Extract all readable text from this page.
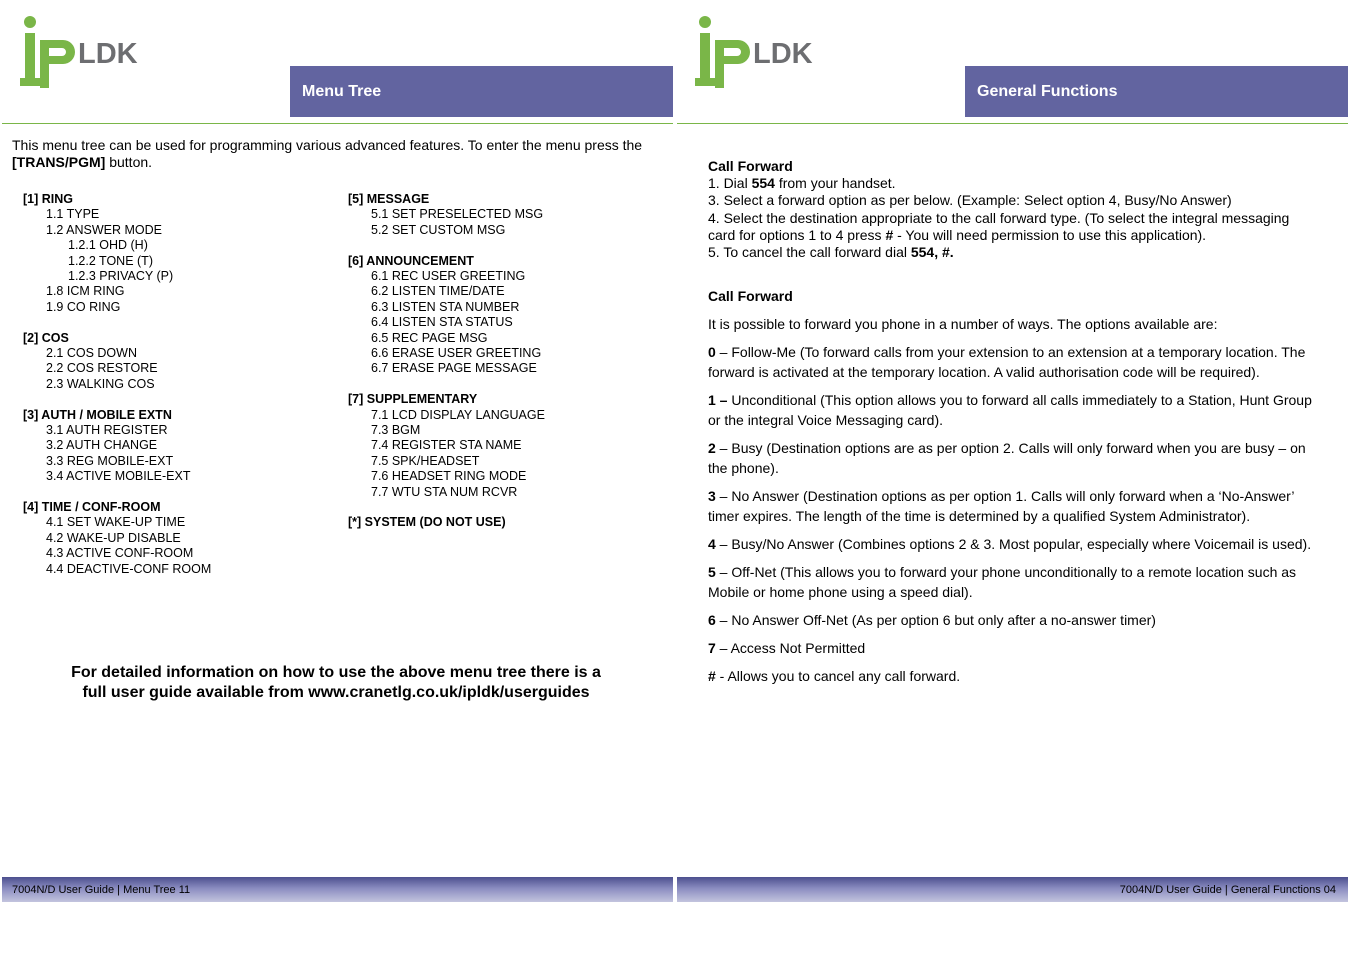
LDK
Menu Tree
This menu tree can be used for programming various advanced features. To enter the menu press the [TRANS/PGM] button.
[1] RING
1.1 TYPE
1.2 ANSWER MODE
1.2.1 OHD (H)
1.2.2 TONE (T)
1.2.3 PRIVACY (P)
1.8 ICM RING
1.9 CO RING
[2] COS
2.1 COS DOWN
2.2 COS RESTORE
2.3 WALKING COS
[3] AUTH / MOBILE EXTN
3.1 AUTH REGISTER
3.2 AUTH CHANGE
3.3 REG MOBILE-EXT
3.4 ACTIVE MOBILE-EXT
[4] TIME / CONF-ROOM
4.1 SET WAKE-UP TIME
4.2 WAKE-UP DISABLE
4.3 ACTIVE CONF-ROOM
4.4 DEACTIVE-CONF ROOM
[5] MESSAGE
5.1 SET PRESELECTED MSG
5.2 SET CUSTOM MSG
[6] ANNOUNCEMENT
6.1 REC USER GREETING
6.2 LISTEN TIME/DATE
6.3 LISTEN STA NUMBER
6.4 LISTEN STA STATUS
6.5 REC PAGE MSG
6.6 ERASE USER GREETING
6.7 ERASE PAGE MESSAGE
[7] SUPPLEMENTARY
7.1 LCD DISPLAY LANGUAGE
7.3 BGM
7.4 REGISTER STA NAME
7.5 SPK/HEADSET
7.6 HEADSET RING MODE
7.7 WTU STA NUM RCVR
[*] SYSTEM (DO NOT USE)
For detailed information on how to use the above menu tree there is a
full user guide available from www.cranetlg.co.uk/ipldk/userguides
7004N/D User Guide | Menu Tree 11
LDK
General Functions
7004N/D User Guide | General Functions 04
Call Forward
1. Dial 554 from your handset.
3. Select a forward option as per below. (Example: Select option 4, Busy/No Answer)
4. Select the destination appropriate to the call forward type. (To select the integral messaging card for options 1 to 4 press # - You will need permission to use this application).
5. To cancel the call forward dial 554, #.
Call Forward

It is possible to forward you phone in a number of ways. The options available are:

0 – Follow-Me (To forward calls from your extension to an extension at a temporary location. The forward is activated at the temporary location. A valid authorisation code will be required).

1 – Unconditional (This option allows you to forward all calls immediately to a Station, Hunt Group or the integral Voice Messaging card).

2 – Busy (Destination options are as per option 2. Calls will only forward when you are busy – on the phone).

3 – No Answer (Destination options as per option 1. Calls will only forward when a ‘No-Answer’ timer expires. The length of the time is determined by a qualified System Administrator).

4 – Busy/No Answer (Combines options 2 & 3. Most popular, especially where Voicemail is used).

5 – Off-Net (This allows you to forward your phone unconditionally to a remote location such as Mobile or home phone using a speed dial).

6 – No Answer Off-Net (As per option 6 but only after a no-answer timer)

7 – Access Not Permitted

# - Allows you to cancel any call forward.
